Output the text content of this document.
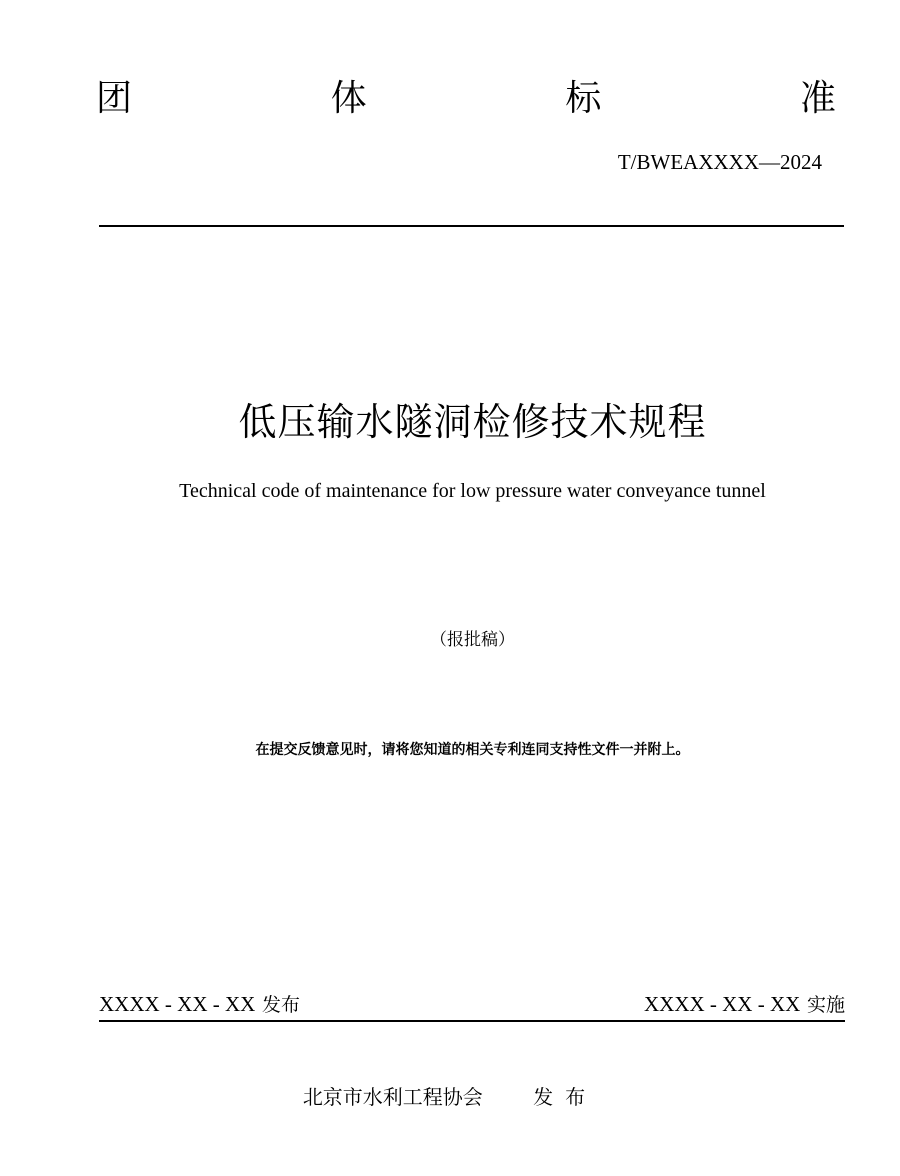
团	体	标	准
T/BWEAXXXX—2024
低压输水隧洞检修技术规程
Technical code of maintenance for low pressure water conveyance tunnel
（报批稿）
在提交反馈意见时，请将您知道的相关专利连同支持性文件一并附上。
XXXX - XX - XX 发布	XXXX - XX - XX 实施
北京市水利工程协会	发布
